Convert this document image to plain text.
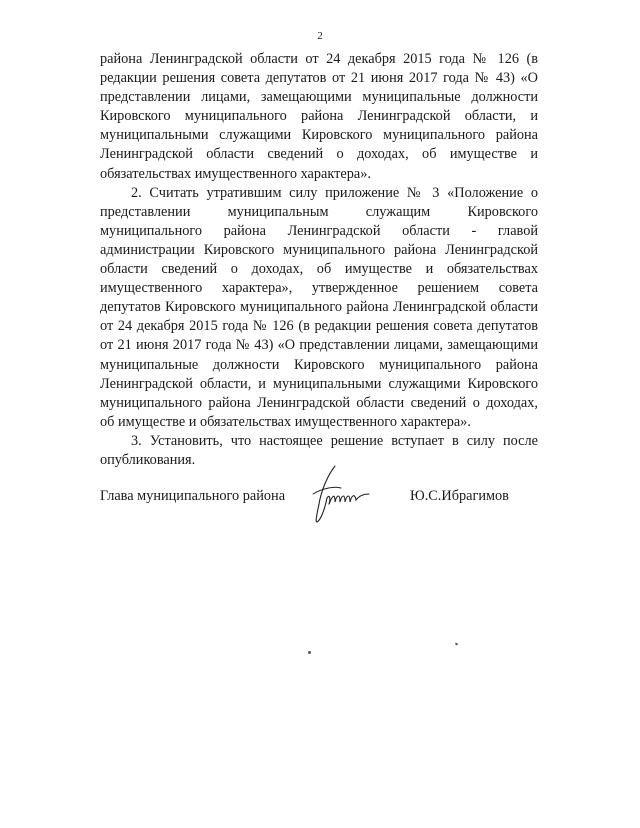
2

района Ленинградской области от 24 декабря 2015 года № 126 (в редакции решения совета депутатов от 21 июня 2017 года № 43) «О представлении лицами, замещающими муниципальные должности Кировского муниципального района Ленинградской области, и муниципальными служащими Кировского муниципального района Ленинградской области сведений о доходах, об имуществе и обязательствах имущественного характера».

2. Считать утратившим силу приложение № 3 «Положение о представлении муниципальным служащим Кировского муниципального района Ленинградской области - главой администрации Кировского муниципального района Ленинградской области сведений о доходах, об имуществе и обязательствах имущественного характера», утвержденное решением совета депутатов Кировского муниципального района Ленинградской области от 24 декабря 2015 года № 126 (в редакции решения совета депутатов от 21 июня 2017 года № 43) «О представлении лицами, замещающими муниципальные должности Кировского муниципального района Ленинградской области, и муниципальными служащими Кировского муниципального района Ленинградской области сведений о доходах, об имуществе и обязательствах имущественного характера».

3. Установить, что настоящее решение вступает в силу после опубликования.

Глава муниципального района	Ю.С.Ибрагимов
